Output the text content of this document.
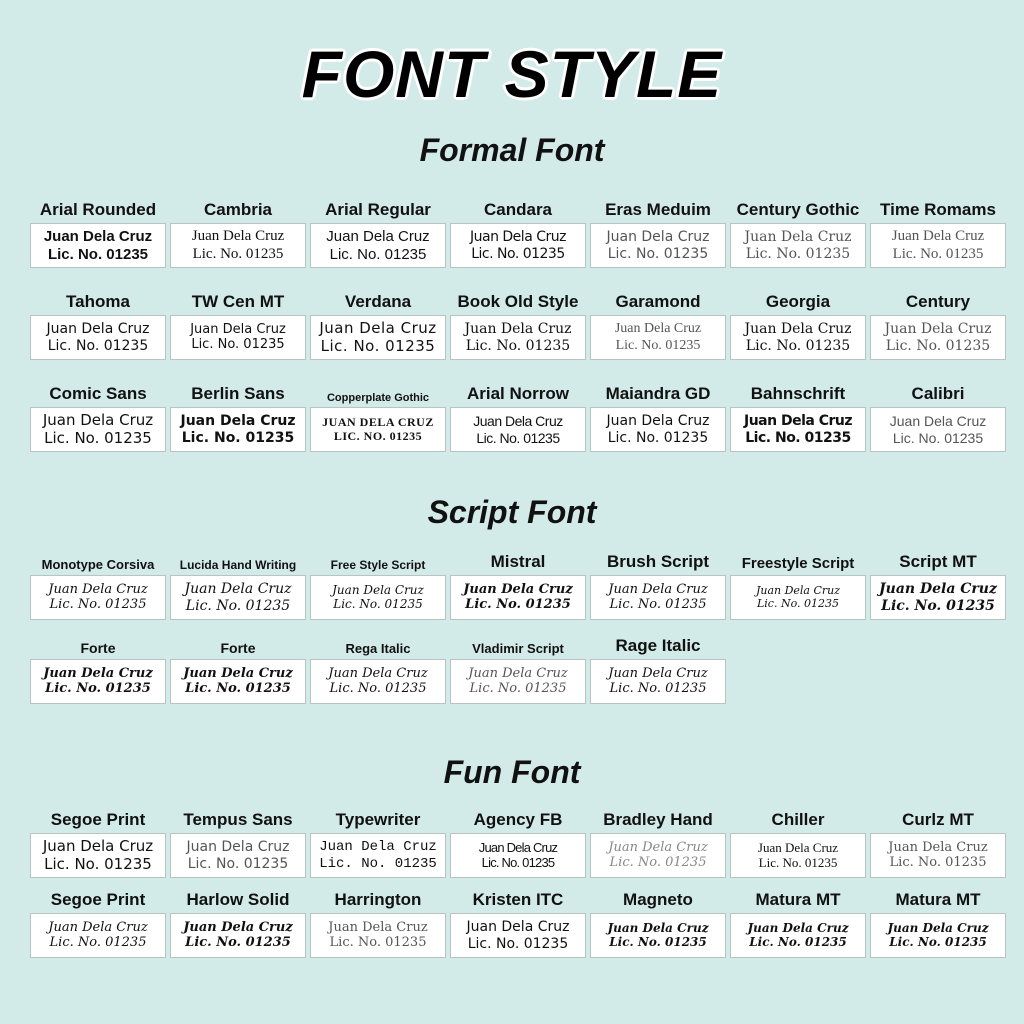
FONT STYLE
Formal Font
Arial Rounded
Juan Dela Cruz
Lic. No. 01235
Cambria
Juan Dela Cruz
Lic. No. 01235
Arial Regular
Juan Dela Cruz
Lic. No. 01235
Candara
Juan Dela Cruz
Lic. No. 01235
Eras Meduim
Juan Dela Cruz
Lic. No. 01235
Century Gothic
Juan Dela Cruz
Lic. No. 01235
Time Romams
Juan Dela Cruz
Lic. No. 01235
Tahoma
Juan Dela Cruz
Lic. No. 01235
TW Cen MT
Juan Dela Cruz
Lic. No. 01235
Verdana
Juan Dela Cruz
Lic. No. 01235
Book Old Style
Juan Dela Cruz
Lic. No. 01235
Garamond
Juan Dela Cruz
Lic. No. 01235
Georgia
Juan Dela Cruz
Lic. No. 01235
Century
Juan Dela Cruz
Lic. No. 01235
Comic Sans
Juan Dela Cruz
Lic. No. 01235
Berlin Sans
Juan Dela Cruz
Lic. No. 01235
Copperplate Gothic
JUAN DELA CRUZ
LIC. NO. 01235
Arial Norrow
Juan Dela Cruz
Lic. No. 01235
Maiandra GD
Juan Dela Cruz
Lic. No. 01235
Bahnschrift
Juan Dela Cruz
Lic. No. 01235
Calibri
Juan Dela Cruz
Lic. No. 01235
Script Font
Monotype Corsiva
Juan Dela Cruz
Lic. No. 01235
Lucida Hand Writing
Juan Dela Cruz
Lic. No. 01235
Free Style Script
Juan Dela Cruz
Lic. No. 01235
Mistral
Juan Dela Cruz
Lic. No. 01235
Brush Script
Juan Dela Cruz
Lic. No. 01235
Freestyle Script
Juan Dela Cruz
Lic. No. 01235
Script MT
Juan Dela Cruz
Lic. No. 01235
Forte
Juan Dela Cruz
Lic. No. 01235
Forte
Juan Dela Cruz
Lic. No. 01235
Rega Italic
Juan Dela Cruz
Lic. No. 01235
Vladimir Script
Juan Dela Cruz
Lic. No. 01235
Rage Italic
Juan Dela Cruz
Lic. No. 01235
Fun Font
Segoe Print
Juan Dela Cruz
Lic. No. 01235
Tempus Sans
Juan Dela Cruz
Lic. No. 01235
Typewriter
Juan Dela Cruz
Lic. No. 01235
Agency FB
Juan Dela Cruz
Lic. No. 01235
Bradley Hand
Juan Dela Cruz
Lic. No. 01235
Chiller
Juan Dela Cruz
Lic. No. 01235
Curlz MT
Juan Dela Cruz
Lic. No. 01235
Segoe Print
Juan Dela Cruz
Lic. No. 01235
Harlow Solid
Juan Dela Cruz
Lic. No. 01235
Harrington
Juan Dela Cruz
Lic. No. 01235
Kristen ITC
Juan Dela Cruz
Lic. No. 01235
Magneto
Juan Dela Cruz
Lic. No. 01235
Matura MT
Juan Dela Cruz
Lic. No. 01235
Matura MT
Juan Dela Cruz
Lic. No. 01235
